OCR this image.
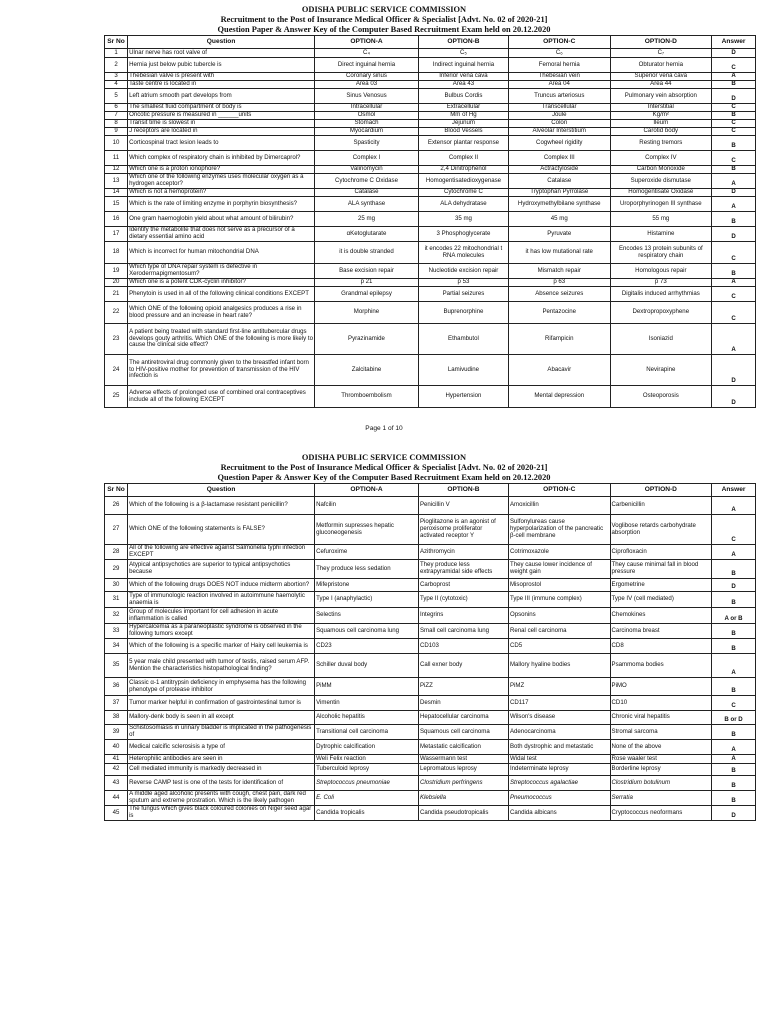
ODISHA PUBLIC SERVICE COMMISSION
Recruitment to the Post of Insurance Medical Officer & Specialist [Advt. No. 02 of 2020-21]
Question Paper & Answer Key of the Computer Based Recruitment Exam held on 20.12.2020
Sr No	Question	OPTION-A	OPTION-B	OPTION-C	OPTION-D	Answer
1	Ulnar nerve has root valve of	C₄	C₅	C₆	C₇	D
2	Hernia just below pubic tubercle is	Direct inguinal hernia	Indirect inguinal hernia	Femoral hernia	Obturator hernia	C
3	Thebesian valve is present with	Coronary sinus	Inferior vena cava	Thebesian vein	Superior vena cava	A
4	Taste centre is located in	Area 03	Area 43	Area 04	Area 44	B
5	Left atrium smooth part develops from	Sinus Venosus	Bulbus Cordis	Truncus arteriosus	Pulmonary vein absorption	D
6	The smallest fluid compartment of body is	Intracellular	Extracellular	Transcellular	Interstitial	C
7	Oncotic pressure is measured in ______units	Osmol	Mm of Hg	Joule	Kg/m²	B
8	Transit time is slowest in	Stomach	Jejunum	Colon	Ileum	C
9	J receptors are located in	Myocardium	Blood Vessels	Alveolar Interstitium	Carotid body	C
10	Corticospinal tract lesion leads to	Spasticity	Extensor plantar response	Cogwheel rigidity	Resting tremors	B
11	Which complex of respiratory chain is inhibited by Dimercaprol?	Complex I	Complex II	Complex III	Complex IV	C
12	Which one is a proton ionophore?	Valinomycin	2,4 Dinitrophenol	Actractyloside	Carbon Monoxide	B
13	Which one of the following enzymes uses molecular oxygen as a hydrogen acceptor?	Cytochrome C Oxidase	Homogentisatedioxygenase	Catalase	Superoxide dismutase	A
14	Which is not a hemoprotein?	Catalase	Cytochrome C	Tryptophan Pyrrolase	Homogentisate Oxidase	D
15	Which is the rate of limiting enzyme in porphyrin biosynthesis?	ALA synthase	ALA dehydratase	Hydroxymethylbilane synthase	Uroporphyrinogen III synthase	A
16	One gram haemoglobin yield about what amount of bilirubin?	25 mg	35 mg	45 mg	55 mg	B
17	Identify the metabolite that does not serve as a precursor of a dietary essential amino acid	αKetoglutarate	3 Phosphoglycerate	Pyruvate	Histamine	D
18	Which is incorrect for human mitochondrial DNA	it is double stranded	it encodes 22 mitochondrial t RNA molecules	it has low mutational rate	Encodes 13 protein subunits of respiratory chain	C
19	Which type of DNA repair system is defective in Xeroderrnapigmentosum?	Base excision repair	Nucleotide excision repair	Mismatch repair	Homologous repair	B
20	Which one is a potent CDK-cyclin inhibitor?	p 21	p 53	p 63	p 73	A
21	Phenytoin is used in all of the following clinical conditions EXCEPT	Grandmal epilepsy	Partial seizures	Absence seizures	Digitalis induced arrhythmias	C
22	Which ONE of the following opioid analgesics produces a rise in blood pressure and an increase in heart rate?	Morphine	Buprenorphine	Pentazocine	Dextropropoxyphene	C
23	A patient being treated with standard first-line antitubercular drugs develops gouty arthritis. Which ONE of the following is more likely to cause the clinical side effect?	Pyrazinamide	Ethambutol	Rifampicin	Isoniazid	A
24	The antiretroviral drug commonly given to the breastfed infant born to HIV-positive mother for prevention of transmission of the HIV infection is	Zalcitabine	Lamivudine	Abacavir	Nevirapine	D
25	Adverse effects of prolonged use of combined oral contraceptives include all of the following EXCEPT	Thromboembolism	Hypertension	Mental depression	Osteoporosis	D
Page 1 of 10
ODISHA PUBLIC SERVICE COMMISSION
Recruitment to the Post of Insurance Medical Officer & Specialist [Advt. No. 02 of 2020-21]
Question Paper & Answer Key of the Computer Based Recruitment Exam held on 20.12.2020
Sr No	Question	OPTION-A	OPTION-B	OPTION-C	OPTION-D	Answer
26	Which of the following is a β-lactamase resistant penicillin?	Nafcilin	Penicillin V	Amoxicillin	Carbenicillin	A
27	Which ONE of the following statements is FALSE?	Metformin supresses hepatic gluconeogenesis	Pioglitazone is an agonist of peroxisome proliferator activated receptor Y	Sulfonylureas cause hyperpolarization of the pancreatic β-cell membrane	Voglibose retards carbohydrate absorption	C
28	All of the following are effective against Salmonella typhi infection EXCEPT	Cefuroxime	Azithromycin	Cotrimoxazole	Ciprofloxacin	A
29	Atypical antipsychotics are superior to typical antipsychotics because	They produce less sedation	They produce less extrapyramidal side effects	They cause lower incidence of weight gain	They cause minimal fall in blood pressure	B
30	Which of the following drugs DOES NOT induce midterm abortion?	Mifepristone	Carboprost	Misoprostol	Ergometrine	D
31	Type of immunologic reaction involved in autoimmune haemolytic anaemia is	Type I (anaphylactic)	Type II (cytotoxic)	Type III (immune complex)	Type IV (cell mediated)	B
32	Group of molecules important for cell adhesion in acute inflammation is called	Selectins	Integrins	Opsonins	Chemokines	A or B
33	Hypercalcemia as a paraneoplastic syndrome is observed in the following tumors except	Squamous cell carcinoma lung	Small cell carcinoma lung	Renal cell carcinoma	Carcinoma breast	B
34	Which of the following is a specific marker of Hairy cell leukemia is	CD23	CD103	CD5	CD8	B
35	5 year male child presented with tumor of testis, raised serum AFP. Mention the characteristics histopathological finding?	Schiller duval body	Call exner body	Mallory hyaline bodies	Psammoma bodies	A
36	Classic α-1 antitrypsin deficiency in emphysema has the following phenotype of protease inhibitor	PiMM	PiZZ	PiMZ	PiMO	B
37	Tumor marker helpful in confirmation of gastrointestinal tumor is	Vimentin	Desmin	CD117	CD10	C
38	Mallory-denk body is seen in all except	Alcoholic hepatitis	Hepatocellular carcinoma	Wilson's disease	Chronic viral hepatitis	B or D
39	Schistosomiasis in urinary bladder is implicated in the pathogenesis of	Transitional cell carcinoma	Squamous cell carcinoma	Adenocarcinoma	Stromal sarcoma	B
40	Medical calcific sclerosisis a type of	Dytrophic calcification	Metastatic calcification	Both dystrophic and metastatic	None of the above	A
41	Heterophilic antibodies are seen in	Weli Felix reaction	Wassermann test	Widal test	Rose waaler test	A
42	Cell mediated immunity is markedly decreased in	Tuberculoid leprosy	Lepromatous leprosy	Indeterminate leprosy	Borderline leprosy	B
43	Reverse CAMP test is one of the tests for identification of	Streptococcus pneumoniae	Clostridium perfringens	Streptococcus agalactiae	Clostridium botulinum	B
44	A middle aged alcoholic presents with cough, chest pain, dark red sputum and extreme prostration. Which is the likely pathogen	E. Coli	Klebsiella	Pneumococcus	Serratia	B
45	The fungus which gives black coloured colonies on Niger seed agar is	Candida tropicalis	Candida pseudotropicalis	Candida albicans	Cryptococcus neoformans	D
